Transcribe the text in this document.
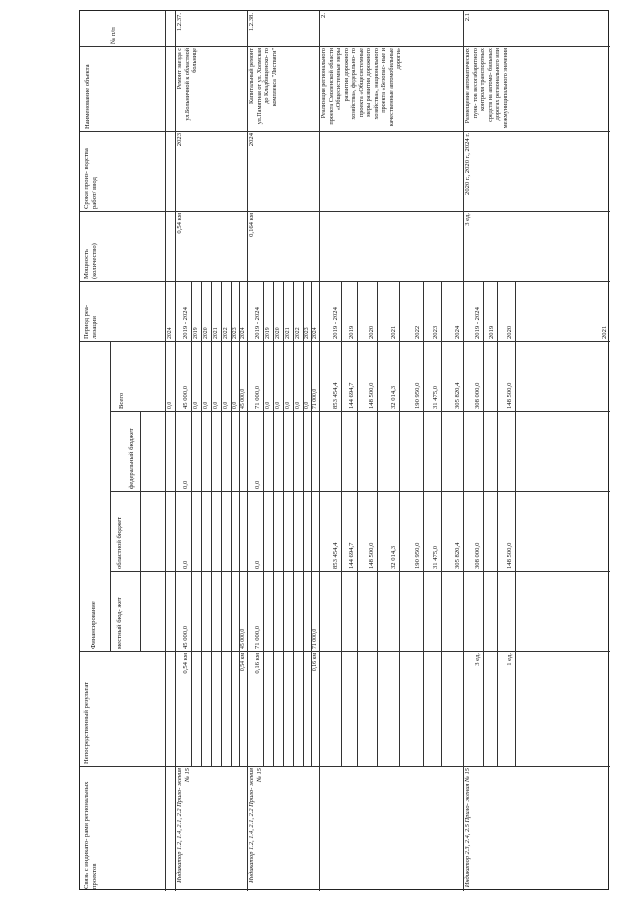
№ п/п
Наименование объекта
Сроки произ- водства работ/ ввод
Мощность (количество)
Период реа- лизации
Финансирование
Всего
федеральный бюджет
областной бюджет
местный бюд- жет
Непосредственный результат
Связь с индикато- рами региональных проектов
2024
0,0
1.2.37.
Ремонт заезда с ул.Больничной к областной больнице
2023
0,54 км
Индикатор 1.2, 1.4, 2.1, 2.2 Прило- жения № 15
2019 - 2024
45 000,0
0,0
0,0
45 000,0
0,54 км
2019
0,0
2020
0,0
2021
0,0
2022
0,0
2023
0,0
2024
45 000,0
45 000,0
0,54 км
1.2.38.
Капитальный ремонт ул.Памятная от ул. Холмская до Кладбищенско- го комплекса "Листвяги"
2024
0,164 км
Индикатор 1.2, 1.4, 2.1, 2.2 Прило- жения № 15
2019 - 2024
71 000,0
0,0
0,0
71 000,0
0,16 км
2019
0,0
2020
0,0
2021
0,0
2022
0,0
2023
0,0
2024
71 000,0
71 000,0
0,16 км
2.
Реализация регионального проекта Смоленской области «Общесистемные меры развития дорожного хозяйства», федерально- го проекта «Общесистемные меры развития дорожного хозяйства», национального проекта «Безопас- ные и качественные автомобильные дороги»
2019 - 2024
853 454,4
853 454,4
2019
144 694,7
144 694,7
2020
148 500,0
148 500,0
2021
32 014,3
32 014,3
2022
190 950,0
190 950,0
2023
31 475,0
31 475,0
2024
305 820,4
305 820,4
2.1
Размещение автоматических пунк- тов весогабаритного контроля транспортных средств на автомо- бильных дорогах регионального или межмуниципального значения
2020 г., 2020 г., 2024 г.
3 ед.
Индикатор 2.3, 2.4, 2.5 Прило- жения № 15
2019 - 2024
308 000,0
308 000,0
3 ед.
2019	2020
148 500,0
148 500,0
1 ед.
2021
